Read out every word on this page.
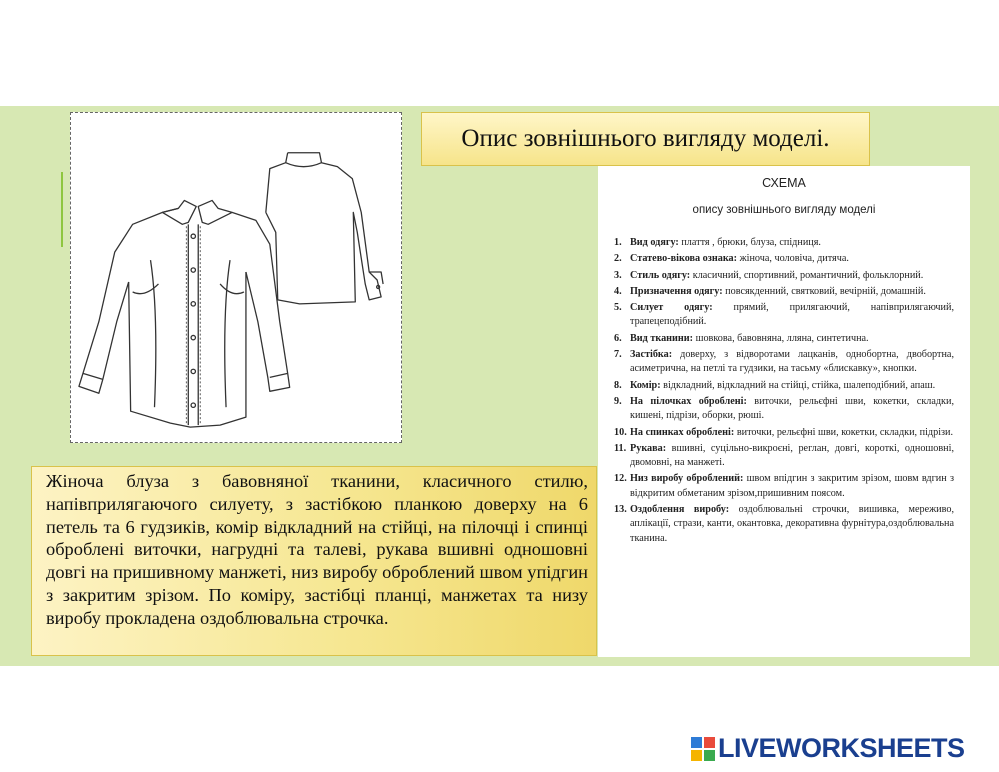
Опис зовнішнього вигляду моделі.

Жіноча блуза з бавовняної тканини, класичного стилю, напівприлягаючого силуету, з застібкою планкою доверху на 6 петель та 6 гудзиків, комір відкладний на стійці, на пілочці і спинці оброблені виточки, нагрудні та талеві, рукава вшивні одношовні довгі на пришивному манжеті, низ виробу оброблений швом упідгин з закритим зрізом. По коміру, застібці планці, манжетах та низу виробу прокладена оздоблювальна строчка.

СХЕМА
опису зовнішнього вигляду моделі
1. Вид одягу: плаття , брюки, блуза, спідниця.
2. Статево-вікова ознака: жіноча, чоловіча, дитяча.
3. Стиль одягу: класичний, спортивний, романтичний, фольклорний.
4. Призначення одягу: повсякденний, святковий, вечірній, домашній.
5. Силует одягу: прямий, прилягаючий, напівприлягаючий, трапецеподібний.
6. Вид тканини: шовкова, бавовняна, лляна, синтетична.
7. Застібка: доверху, з відворотами лацканів, однобортна, двобортна, асиметрична, на петлі та гудзики, на тасьму «блискавку», кнопки.
8. Комір: відкладний, відкладний на стійці, стійка, шалеподібний, апаш.
9. На пілочках оброблені: виточки, рельєфні шви, кокетки, складки, кишені, підрізи, оборки, рюші.
10. На спинках оброблені: виточки, рельєфні шви, кокетки, складки, підрізи.
11. Рукава: вшивні, суцільно-викроєні, реглан, довгі, короткі, одношовні, двомовні, на манжеті.
12. Низ виробу оброблений: швом впідгин з закритим зрізом, шовм вдгин з відкритим обметаним зрізом,пришивним поясом.
13. Оздоблення виробу: оздоблювальні строчки, вишивка, мереживо, аплікації, стрази, канти, окантовка, декоративна фурнітура,оздоблювальна тканина.
LIVEWORKSHEETS
